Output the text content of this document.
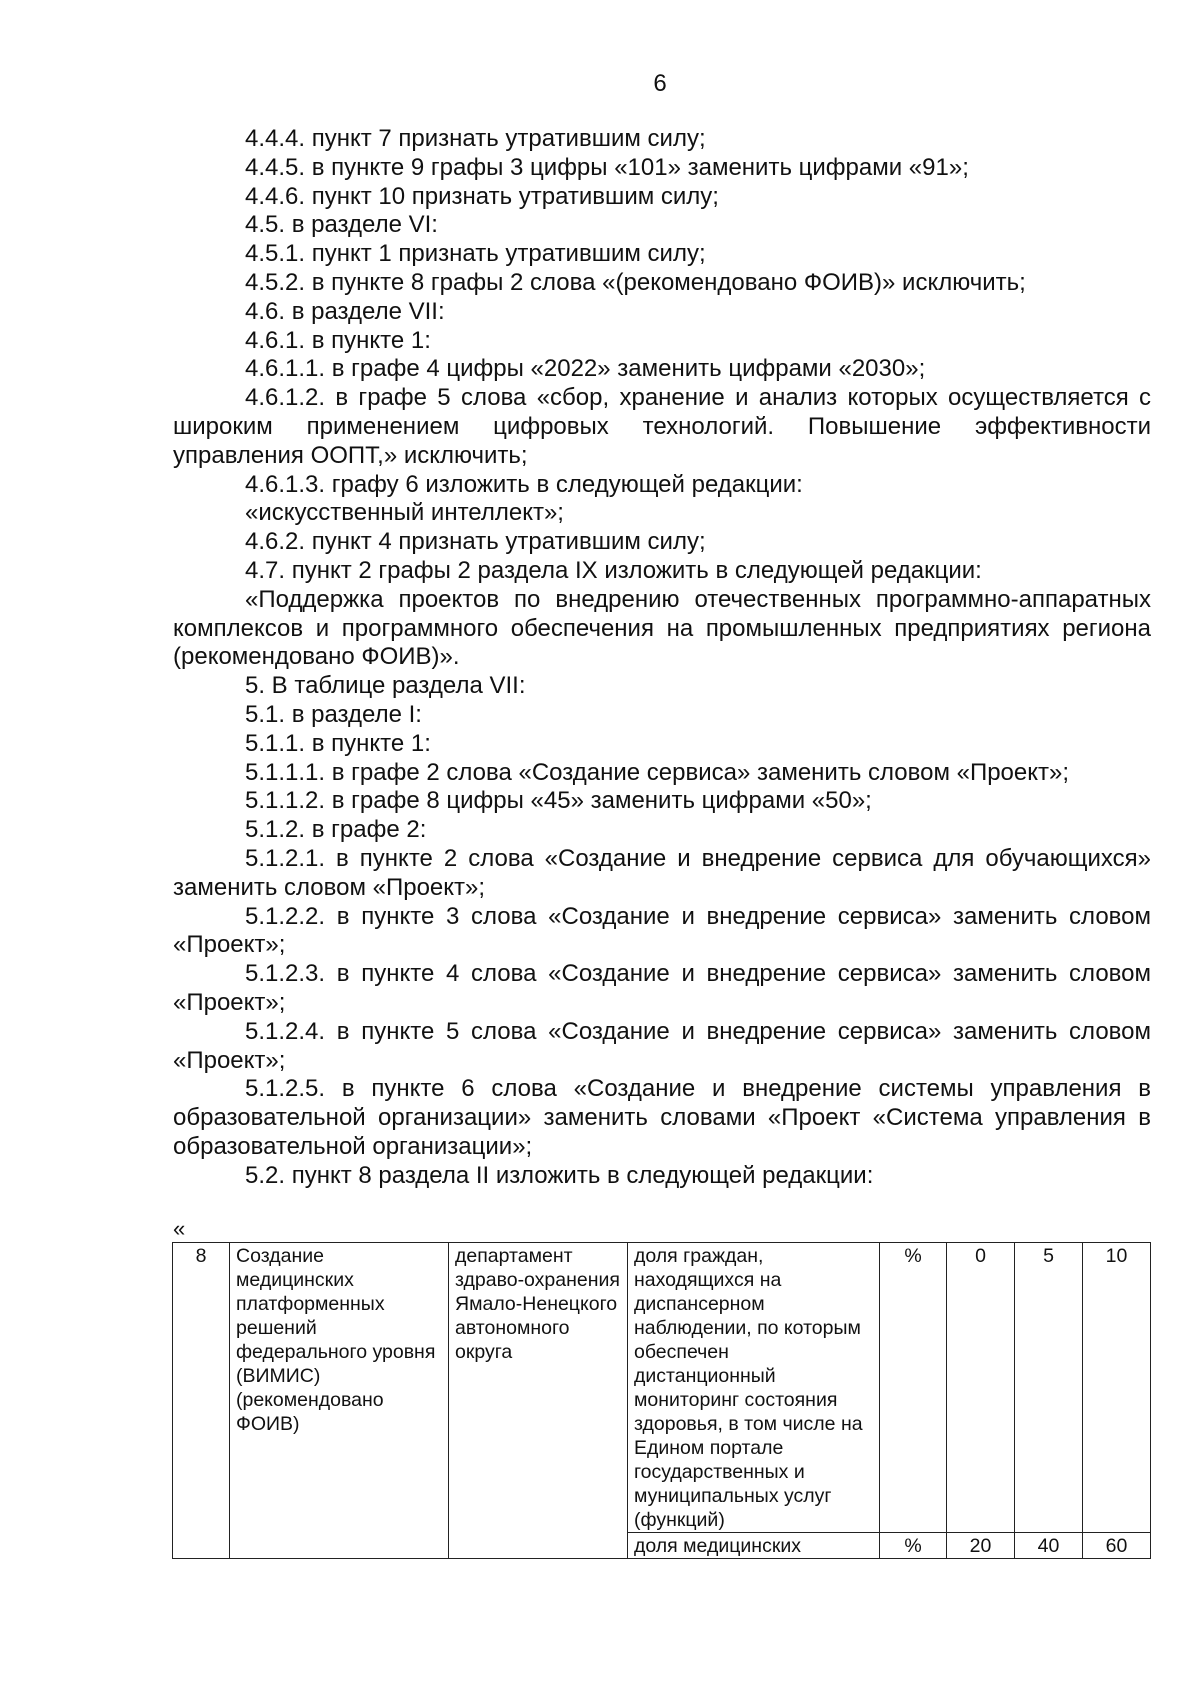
6

4.4.4. пункт 7 признать утратившим силу;

4.4.5. в пункте 9 графы 3 цифры «101» заменить цифрами «91»;

4.4.6. пункт 10 признать утратившим силу;

4.5. в разделе VI:

4.5.1. пункт 1 признать утратившим силу;

4.5.2. в пункте 8 графы 2 слова «(рекомендовано ФОИВ)» исключить;

4.6. в разделе VII:

4.6.1. в пункте 1:

4.6.1.1. в графе 4 цифры «2022» заменить цифрами «2030»;

4.6.1.2. в графе 5 слова «сбор, хранение и анализ которых осуществляется с широким применением цифровых технологий. Повышение эффективности управления ООПТ,» исключить;

4.6.1.3. графу 6 изложить в следующей редакции:

«искусственный интеллект»;

4.6.2. пункт 4 признать утратившим силу;

4.7. пункт 2 графы 2 раздела IX изложить в следующей редакции:

«Поддержка проектов по внедрению отечественных программно-аппаратных комплексов и программного обеспечения на промышленных предприятиях региона (рекомендовано ФОИВ)».

5. В таблице раздела VII:

5.1. в разделе I:

5.1.1. в пункте 1:

5.1.1.1. в графе 2 слова «Создание сервиса» заменить словом «Проект»;

5.1.1.2. в графе 8 цифры «45» заменить цифрами «50»;

5.1.2. в графе 2:

5.1.2.1. в пункте 2 слова «Создание и внедрение сервиса для обучающихся» заменить словом «Проект»;

5.1.2.2. в пункте 3 слова «Создание и внедрение сервиса» заменить словом «Проект»;

5.1.2.3. в пункте 4 слова «Создание и внедрение сервиса» заменить словом «Проект»;

5.1.2.4. в пункте 5 слова «Создание и внедрение сервиса» заменить словом «Проект»;

5.1.2.5. в пункте 6 слова «Создание и внедрение системы управления в образовательной организации» заменить словами «Проект «Система управления в образовательной организации»;

5.2. пункт 8 раздела II изложить в следующей редакции:

«
8	Создание медицинских платформенных решений федерального уровня (ВИМИС) (рекомендовано ФОИВ)	департамент здраво-охранения Ямало-Ненецкого автономного округа	доля граждан, находящихся на диспансерном наблюдении, по которым обеспечен дистанционный мониторинг состояния здоровья, в том числе на Едином портале государственных и муниципальных услуг (функций)	%	0	5	10
			доля медицинских	%	20	40	60
